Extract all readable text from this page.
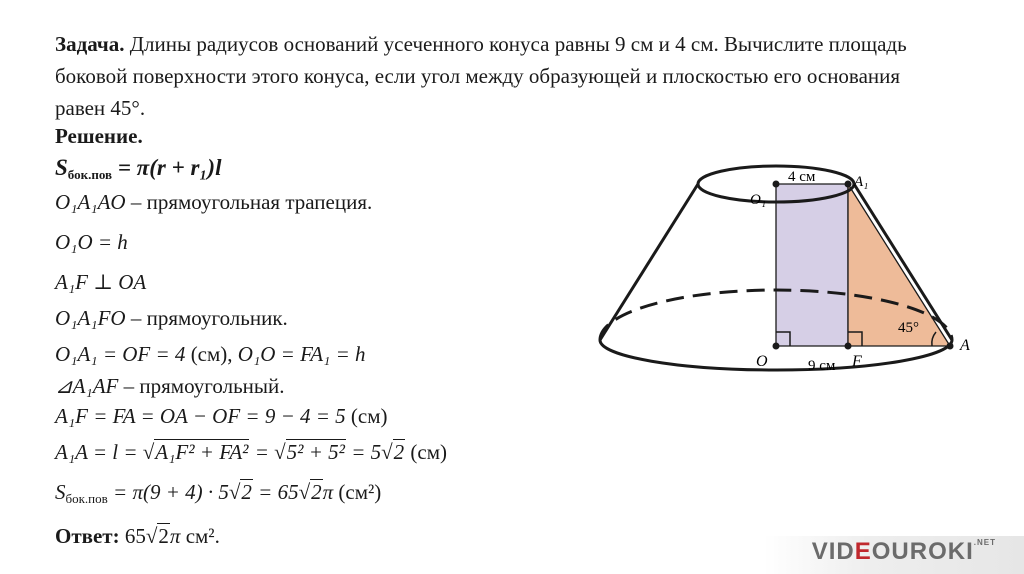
Задача. Длины радиусов оснований усеченного конуса равны 9 см и 4 см. Вычислите площадь боковой поверхности этого конуса, если угол между образующей и плоскостью его основания равен 45°.
Решение.
$S_{бок.пов} = \pi(r + r_1)l$
O₁A₁AO – прямоугольная трапеция.
O₁O = h
A₁F ⊥ OA
O₁A₁FO – прямоугольник.
O₁A₁ = OF = 4 (см), O₁O = FA₁ = h
⊿A₁AF – прямоугольный.
A₁F = FA = OA − OF = 9 − 4 = 5 (см)
A₁A = l = √A₁F² + FA² = √5² + 5² = 5√2 (см)
$S_{бок.пов} = \pi(9 + 4) \cdot 5√2 = 65√2\pi$ (см²)
Ответ: 65√2π см².
4 см
O₁
A₁
45°
O	F
A
9 см
$VIDEOUROKI^{.NET}$
